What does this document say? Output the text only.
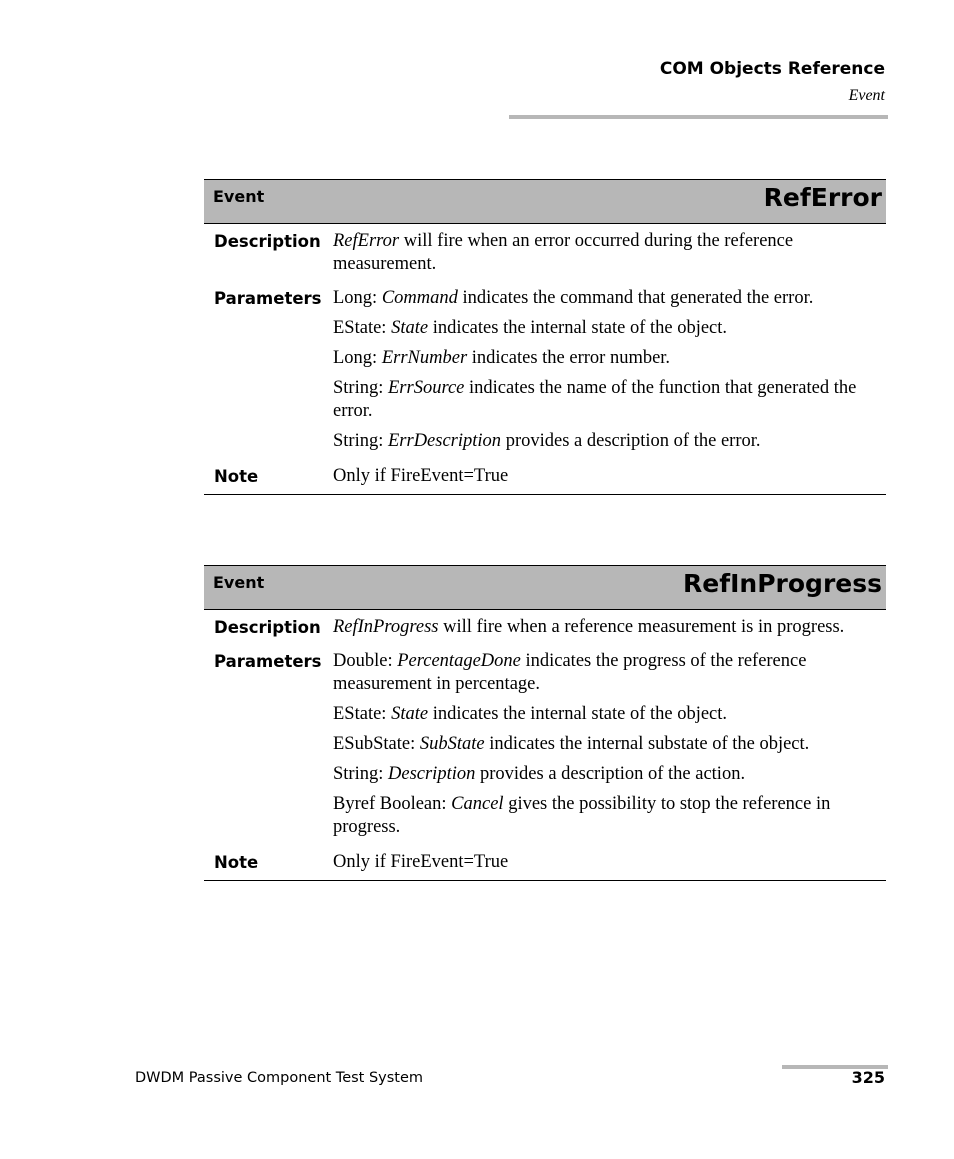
COM Objects Reference
Event
Event	RefError
Description RefError will fire when an error occurred during the reference measurement.
Parameters Long: Command indicates the command that generated the error.

EState: State indicates the internal state of the object.

Long: ErrNumber indicates the error number.

String: ErrSource indicates the name of the function that generated the error.

String: ErrDescription provides a description of the error.

Note	Only if FireEvent=True
Event	RefInProgress
Description RefInProgress will fire when a reference measurement is in progress.
Parameters Double: PercentageDone indicates the progress of the reference measurement in percentage.

EState: State indicates the internal state of the object.

ESubState: SubState indicates the internal substate of the object.

String: Description provides a description of the action.

Byref Boolean: Cancel gives the possibility to stop the reference in progress.

Note	Only if FireEvent=True
DWDM Passive Component Test System	325
